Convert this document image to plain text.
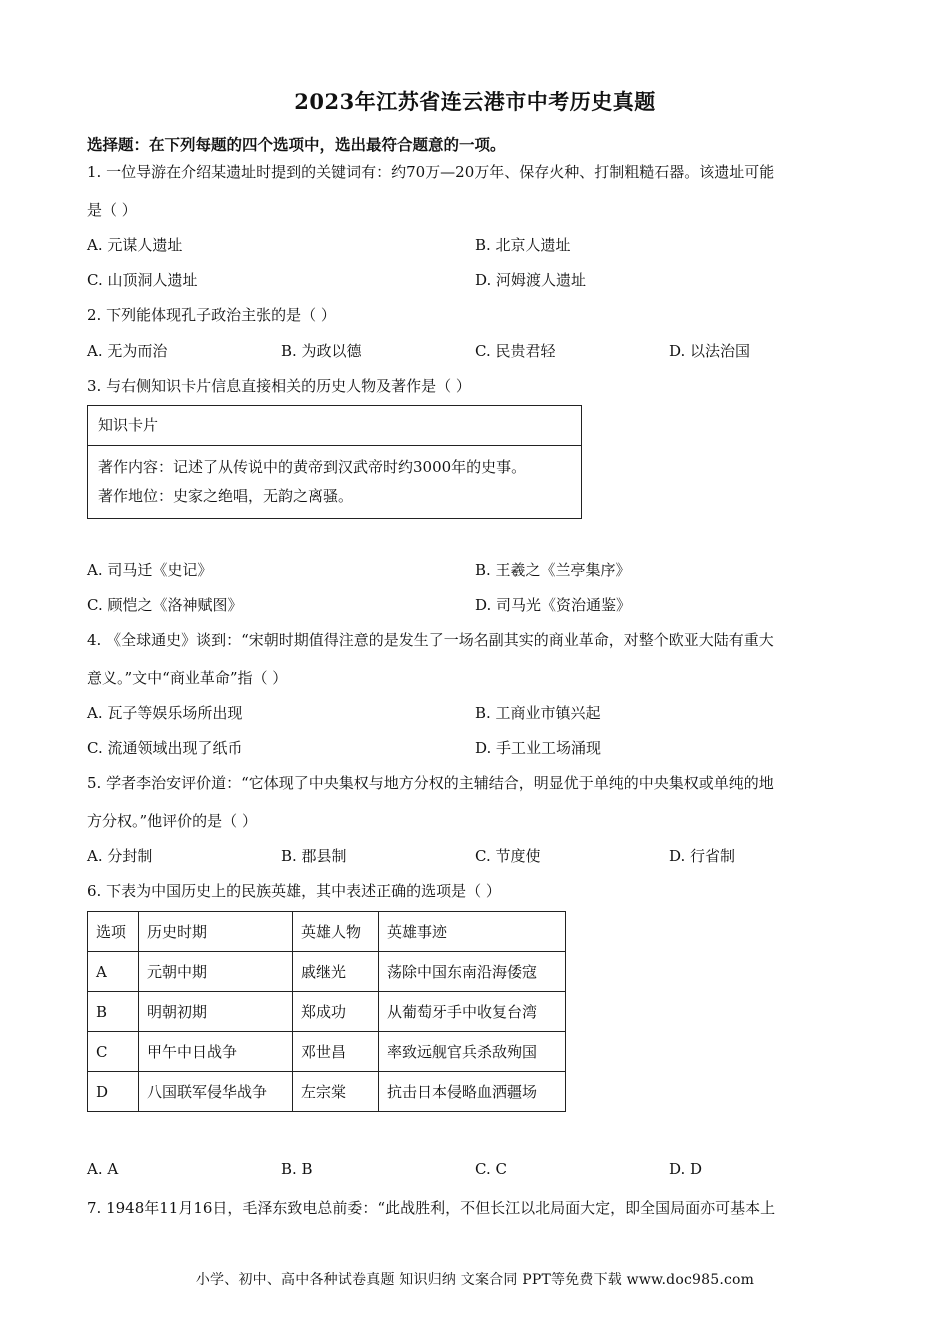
2023年江苏省连云港市中考历史真题
选择题：在下列每题的四个选项中，选出最符合题意的一项。
1. 一位导游在介绍某遗址时提到的关键词有：约70万—20万年、保存火种、打制粗糙石器。该遗址可能
是（ ）
A. 元谋人遗址	B. 北京人遗址
C. 山顶洞人遗址	D. 河姆渡人遗址
2. 下列能体现孔子政治主张的是（ ）
A. 无为而治	B. 为政以德	C. 民贵君轻	D. 以法治国
3. 与右侧知识卡片信息直接相关的历史人物及著作是（ ）
知识卡片
著作内容：记述了从传说中的黄帝到汉武帝时约3000年的史事。
著作地位：史家之绝唱，无韵之离骚。
A. 司马迁《史记》	B. 王羲之《兰亭集序》
C. 顾恺之《洛神赋图》	D. 司马光《资治通鉴》
4. 《全球通史》谈到：“宋朝时期值得注意的是发生了一场名副其实的商业革命，对整个欧亚大陆有重大
意义。”文中“商业革命”指（ ）
A. 瓦子等娱乐场所出现	B. 工商业市镇兴起
C. 流通领域出现了纸币	D. 手工业工场涌现
5. 学者李治安评价道：“它体现了中央集权与地方分权的主辅结合，明显优于单纯的中央集权或单纯的地
方分权。”他评价的是（ ）
A. 分封制	B. 郡县制	C. 节度使	D. 行省制
6. 下表为中国历史上的民族英雄，其中表述正确的选项是（ ）
选项	历史时期	英雄人物	英雄事迹
A	元朝中期	戚继光	荡除中国东南沿海倭寇
B	明朝初期	郑成功	从葡萄牙手中收复台湾
C	甲午中日战争	邓世昌	率致远舰官兵杀敌殉国
D	八国联军侵华战争	左宗棠	抗击日本侵略血洒疆场
A. A	B. B	C. C	D. D
7. 1948年11月16日，毛泽东致电总前委：“此战胜利，不但长江以北局面大定，即全国局面亦可基本上
小学、初中、高中各种试卷真题 知识归纳 文案合同 PPT等免费下载 www.doc985.com
